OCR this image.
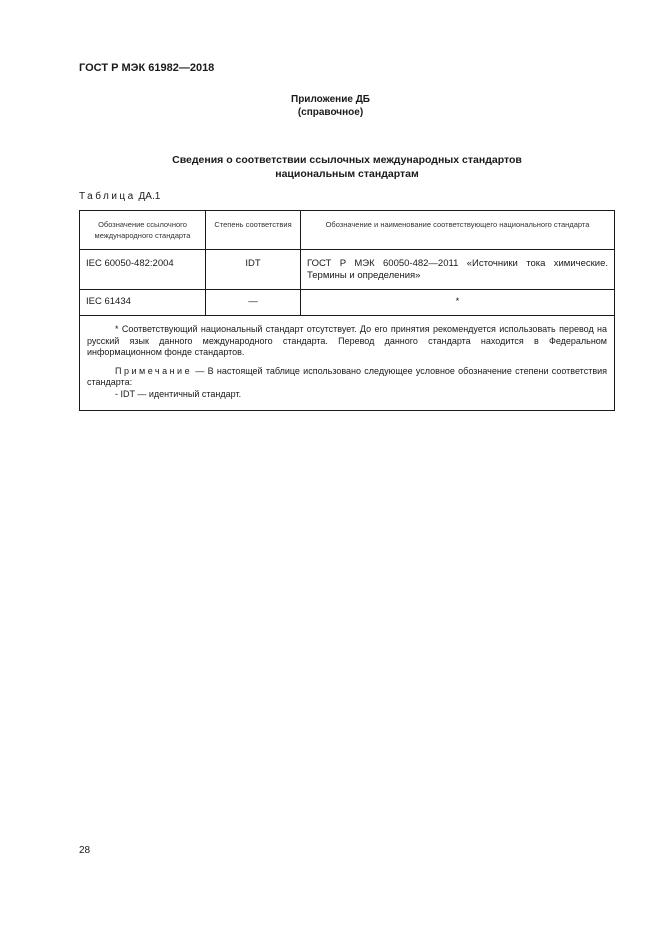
ГОСТ Р МЭК 61982—2018
Приложение ДБ
(справочное)
Сведения о соответствии ссылочных международных стандартов
национальным стандартам
Таблица ДА.1
Обозначение ссылочного международного стандарта	Степень соответствия	Обозначение и наименование соответствующего национального стандарта
IEC 60050-482:2004	IDT	ГОСТ Р МЭК 60050-482—2011 «Источники тока химические. Термины и определения»
IEC 61434	—	*

* Соответствующий национальный стандарт отсутствует. До его принятия рекомендуется использовать перевод на русский язык данного международного стандарта. Перевод данного стандарта находится в Федеральном информационном фонде стандартов.

Примечание — В настоящей таблице использовано следующее условное обозначение степени соответствия стандарта:

- IDT — идентичный стандарт.		

28
